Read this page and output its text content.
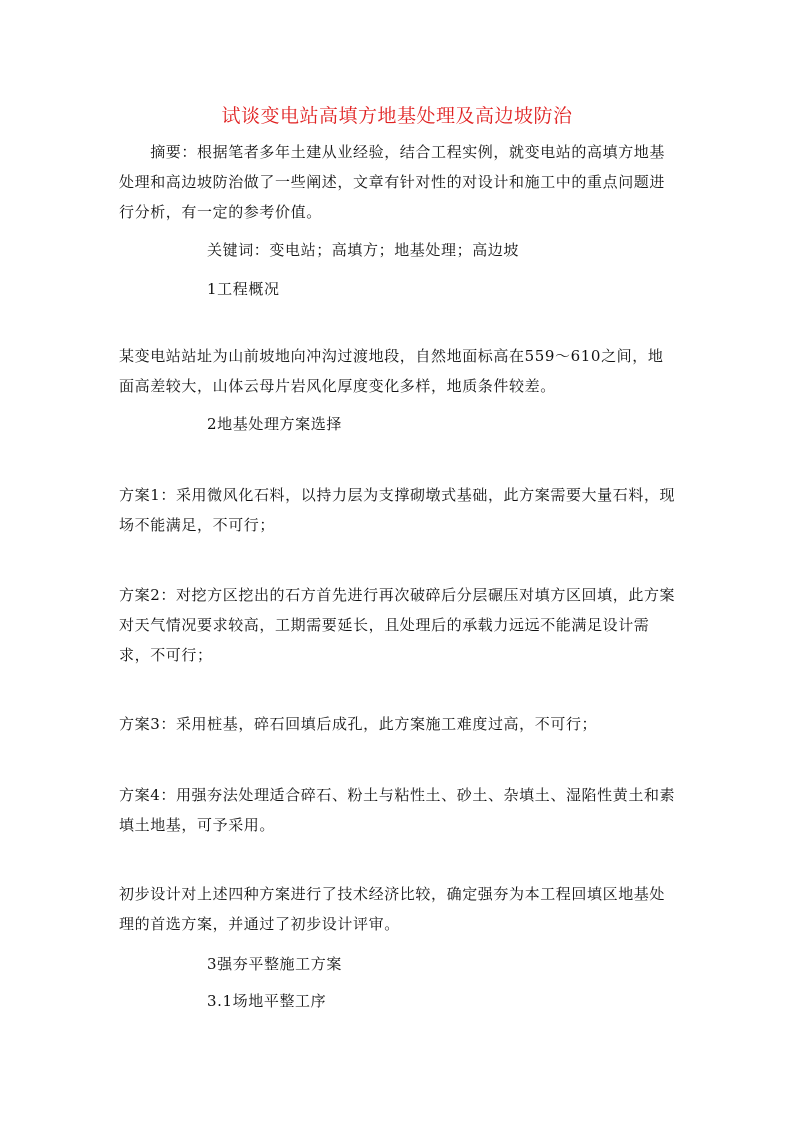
试谈变电站高填方地基处理及高边坡防治

　　摘要：根据笔者多年土建从业经验，结合工程实例，就变电站的高填方地基处理和高边坡防治做了一些阐述，文章有针对性的对设计和施工中的重点问题进行分析，有一定的参考价值。

关键词：变电站；高填方；地基处理；高边坡
1工程概况

某变电站站址为山前坡地向冲沟过渡地段，自然地面标高在559～610之间，地面高差较大，山体云母片岩风化厚度变化多样，地质条件较差。

2地基处理方案选择

方案1：采用微风化石料，以持力层为支撑砌墩式基础，此方案需要大量石料，现场不能满足，不可行；

方案2：对挖方区挖出的石方首先进行再次破碎后分层碾压对填方区回填，此方案对天气情况要求较高，工期需要延长，且处理后的承载力远远不能满足设计需求，不可行；

方案3：采用桩基，碎石回填后成孔，此方案施工难度过高，不可行；

方案4：用强夯法处理适合碎石、粉土与粘性土、砂土、杂填土、湿陷性黄土和素填土地基，可予采用。

初步设计对上述四种方案进行了技术经济比较，确定强夯为本工程回填区地基处理的首选方案，并通过了初步设计评审。

3强夯平整施工方案
3.1场地平整工序
